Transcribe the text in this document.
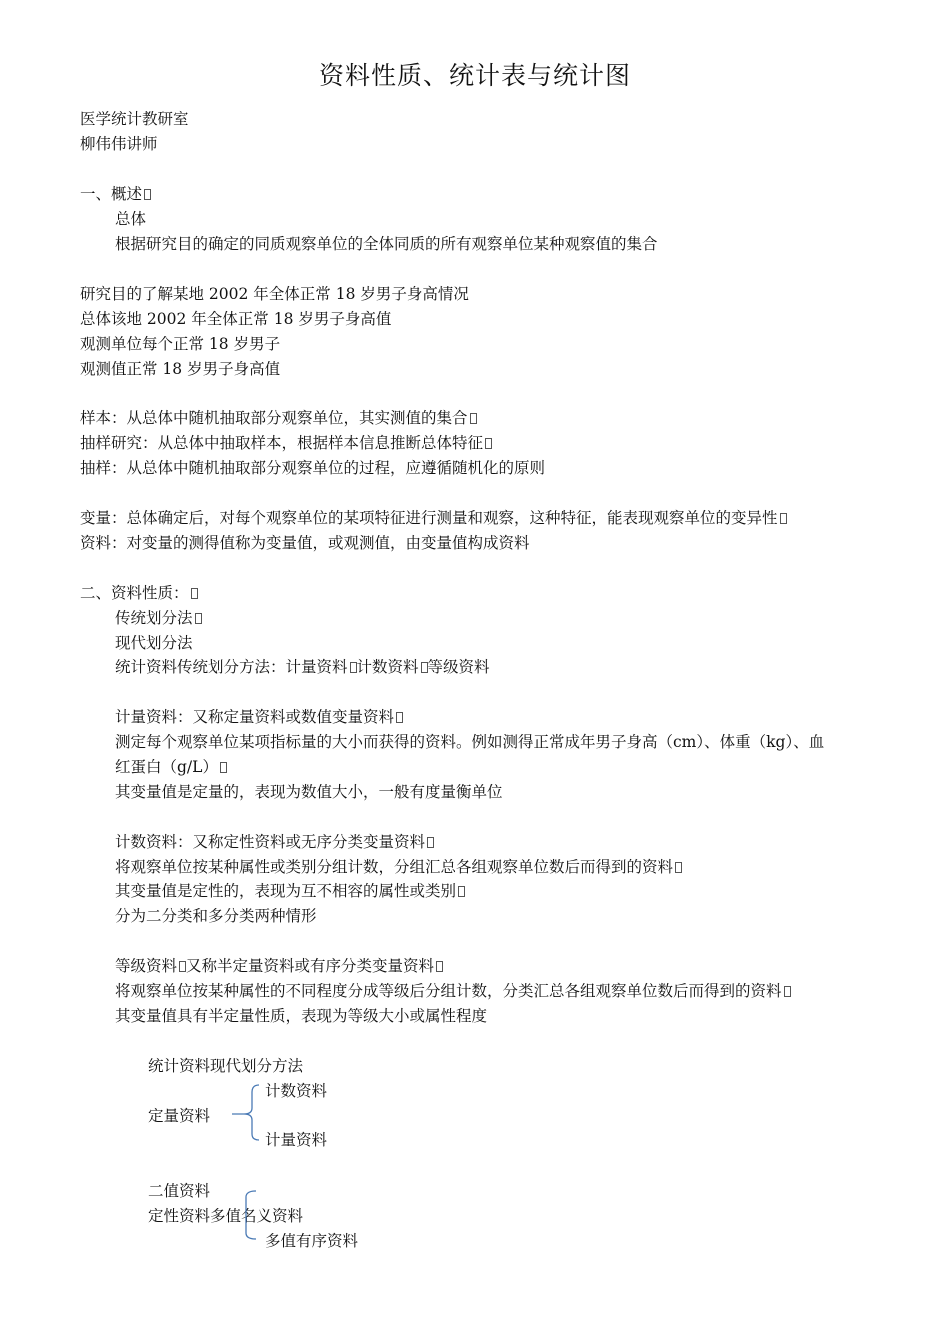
资料性质、统计表与统计图
医学统计教研室
柳伟伟讲师
一、概述
总体
根据研究目的确定的同质观察单位的全体同质的所有观察单位某种观察值的集合
研究目的了解某地 2002 年全体正常 18 岁男子身高情况
总体该地 2002 年全体正常 18 岁男子身高值
观测单位每个正常 18 岁男子
观测值正常 18 岁男子身高值
样本：从总体中随机抽取部分观察单位，其实测值的集合
抽样研究：从总体中抽取样本，根据样本信息推断总体特征
抽样：从总体中随机抽取部分观察单位的过程，应遵循随机化的原则
变量：总体确定后，对每个观察单位的某项特征进行测量和观察，这种特征，能表现观察单位的变异性
资料：对变量的测得值称为变量值，或观测值，由变量值构成资料
二、资料性质：
传统划分法
现代划分法
统计资料传统划分方法：计量资料 计数资料 等级资料
计量资料：又称定量资料或数值变量资料
测定每个观察单位某项指标量的大小而获得的资料。例如测得正常成年男子身高（cm）、体重（kg）、血
红蛋白（g/L）
其变量值是定量的，表现为数值大小，一般有度量衡单位
计数资料：又称定性资料或无序分类变量资料
将观察单位按某种属性或类别分组计数，分组汇总各组观察单位数后而得到的资料
其变量值是定性的，表现为互不相容的属性或类别
分为二分类和多分类两种情形
等级资料 又称半定量资料或有序分类变量资料
将观察单位按某种属性的不同程度分成等级后分组计数，分类汇总各组观察单位数后而得到的资料
其变量值具有半定量性质，表现为等级大小或属性程度
统计资料现代划分方法
计数资料
定量资料
计量资料
二值资料
定性资料多值名义资料
多值有序资料
